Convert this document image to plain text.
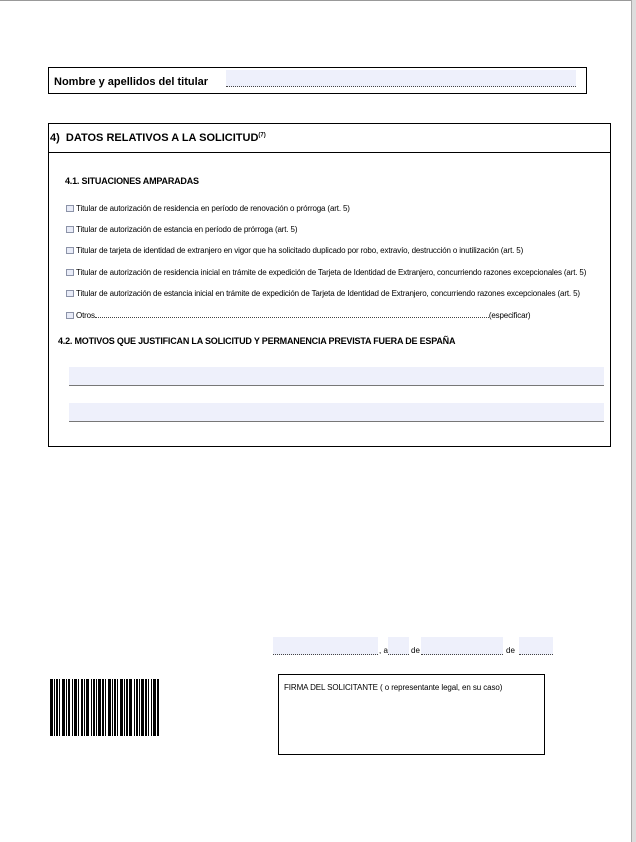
Nombre y apellidos del titular
4) DATOS RELATIVOS A LA SOLICITUD$^{(7)}$
4.1. SITUACIONES AMPARADAS
Titular de autorización de residencia en período de renovación o prórroga (art. 5)
Titular de autorización de estancia en período de prórroga (art. 5)
Titular de tarjeta de identidad de extranjero en vigor que ha solicitado duplicado por robo, extravío, destrucción o inutilización (art. 5)
Titular de autorización de residencia inicial en trámite de expedición de Tarjeta de Identidad de Extranjero, concurriendo razones excepcionales (art. 5)
Titular de autorización de estancia inicial en trámite de expedición de Tarjeta de Identidad de Extranjero, concurriendo razones excepcionales (art. 5)
Otros	(especificar)
4.2. MOTIVOS QUE JUSTIFICAN LA SOLICITUD Y PERMANENCIA PREVISTA FUERA DE ESPAÑA
, a	de	de
FIRMA DEL SOLICITANTE ( o representante legal, en su caso)
